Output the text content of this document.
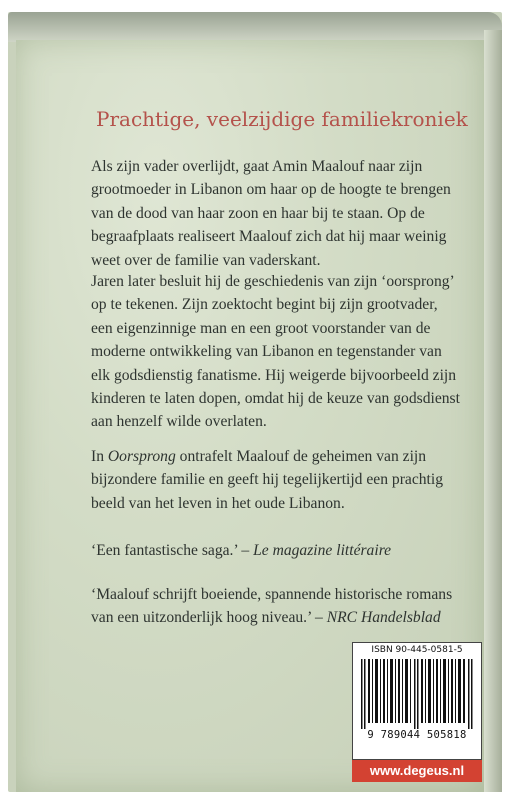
Prachtige, veelzijdige familiekroniek

Als zijn vader overlijdt, gaat Amin Maalouf naar zijn
grootmoeder in Libanon om haar op de hoogte te brengen
van de dood van haar zoon en haar bij te staan. Op de
begraafplaats realiseert Maalouf zich dat hij maar weinig
weet over de familie van vaderskant.

Jaren later besluit hij de geschiedenis van zijn ‘oorsprong’
op te tekenen. Zijn zoektocht begint bij zijn grootvader,
een eigenzinnige man en een groot voorstander van de
moderne ontwikkeling van Libanon en tegenstander van
elk godsdienstig fanatisme. Hij weigerde bijvoorbeeld zijn
kinderen te laten dopen, omdat hij de keuze van godsdienst
aan henzelf wilde overlaten.

In Oorsprong ontrafelt Maalouf de geheimen van zijn
bijzondere familie en geeft hij tegelijkertijd een prachtig
beeld van het leven in het oude Libanon.

‘Een fantastische saga.’ – Le magazine littéraire
‘Maalouf schrijft boeiende, spannende historische romans
van een uitzonderlijk hoog niveau.’ – NRC Handelsblad
ISBN 90-445-0581-5
9 789044 505818
www.degeus.nl
